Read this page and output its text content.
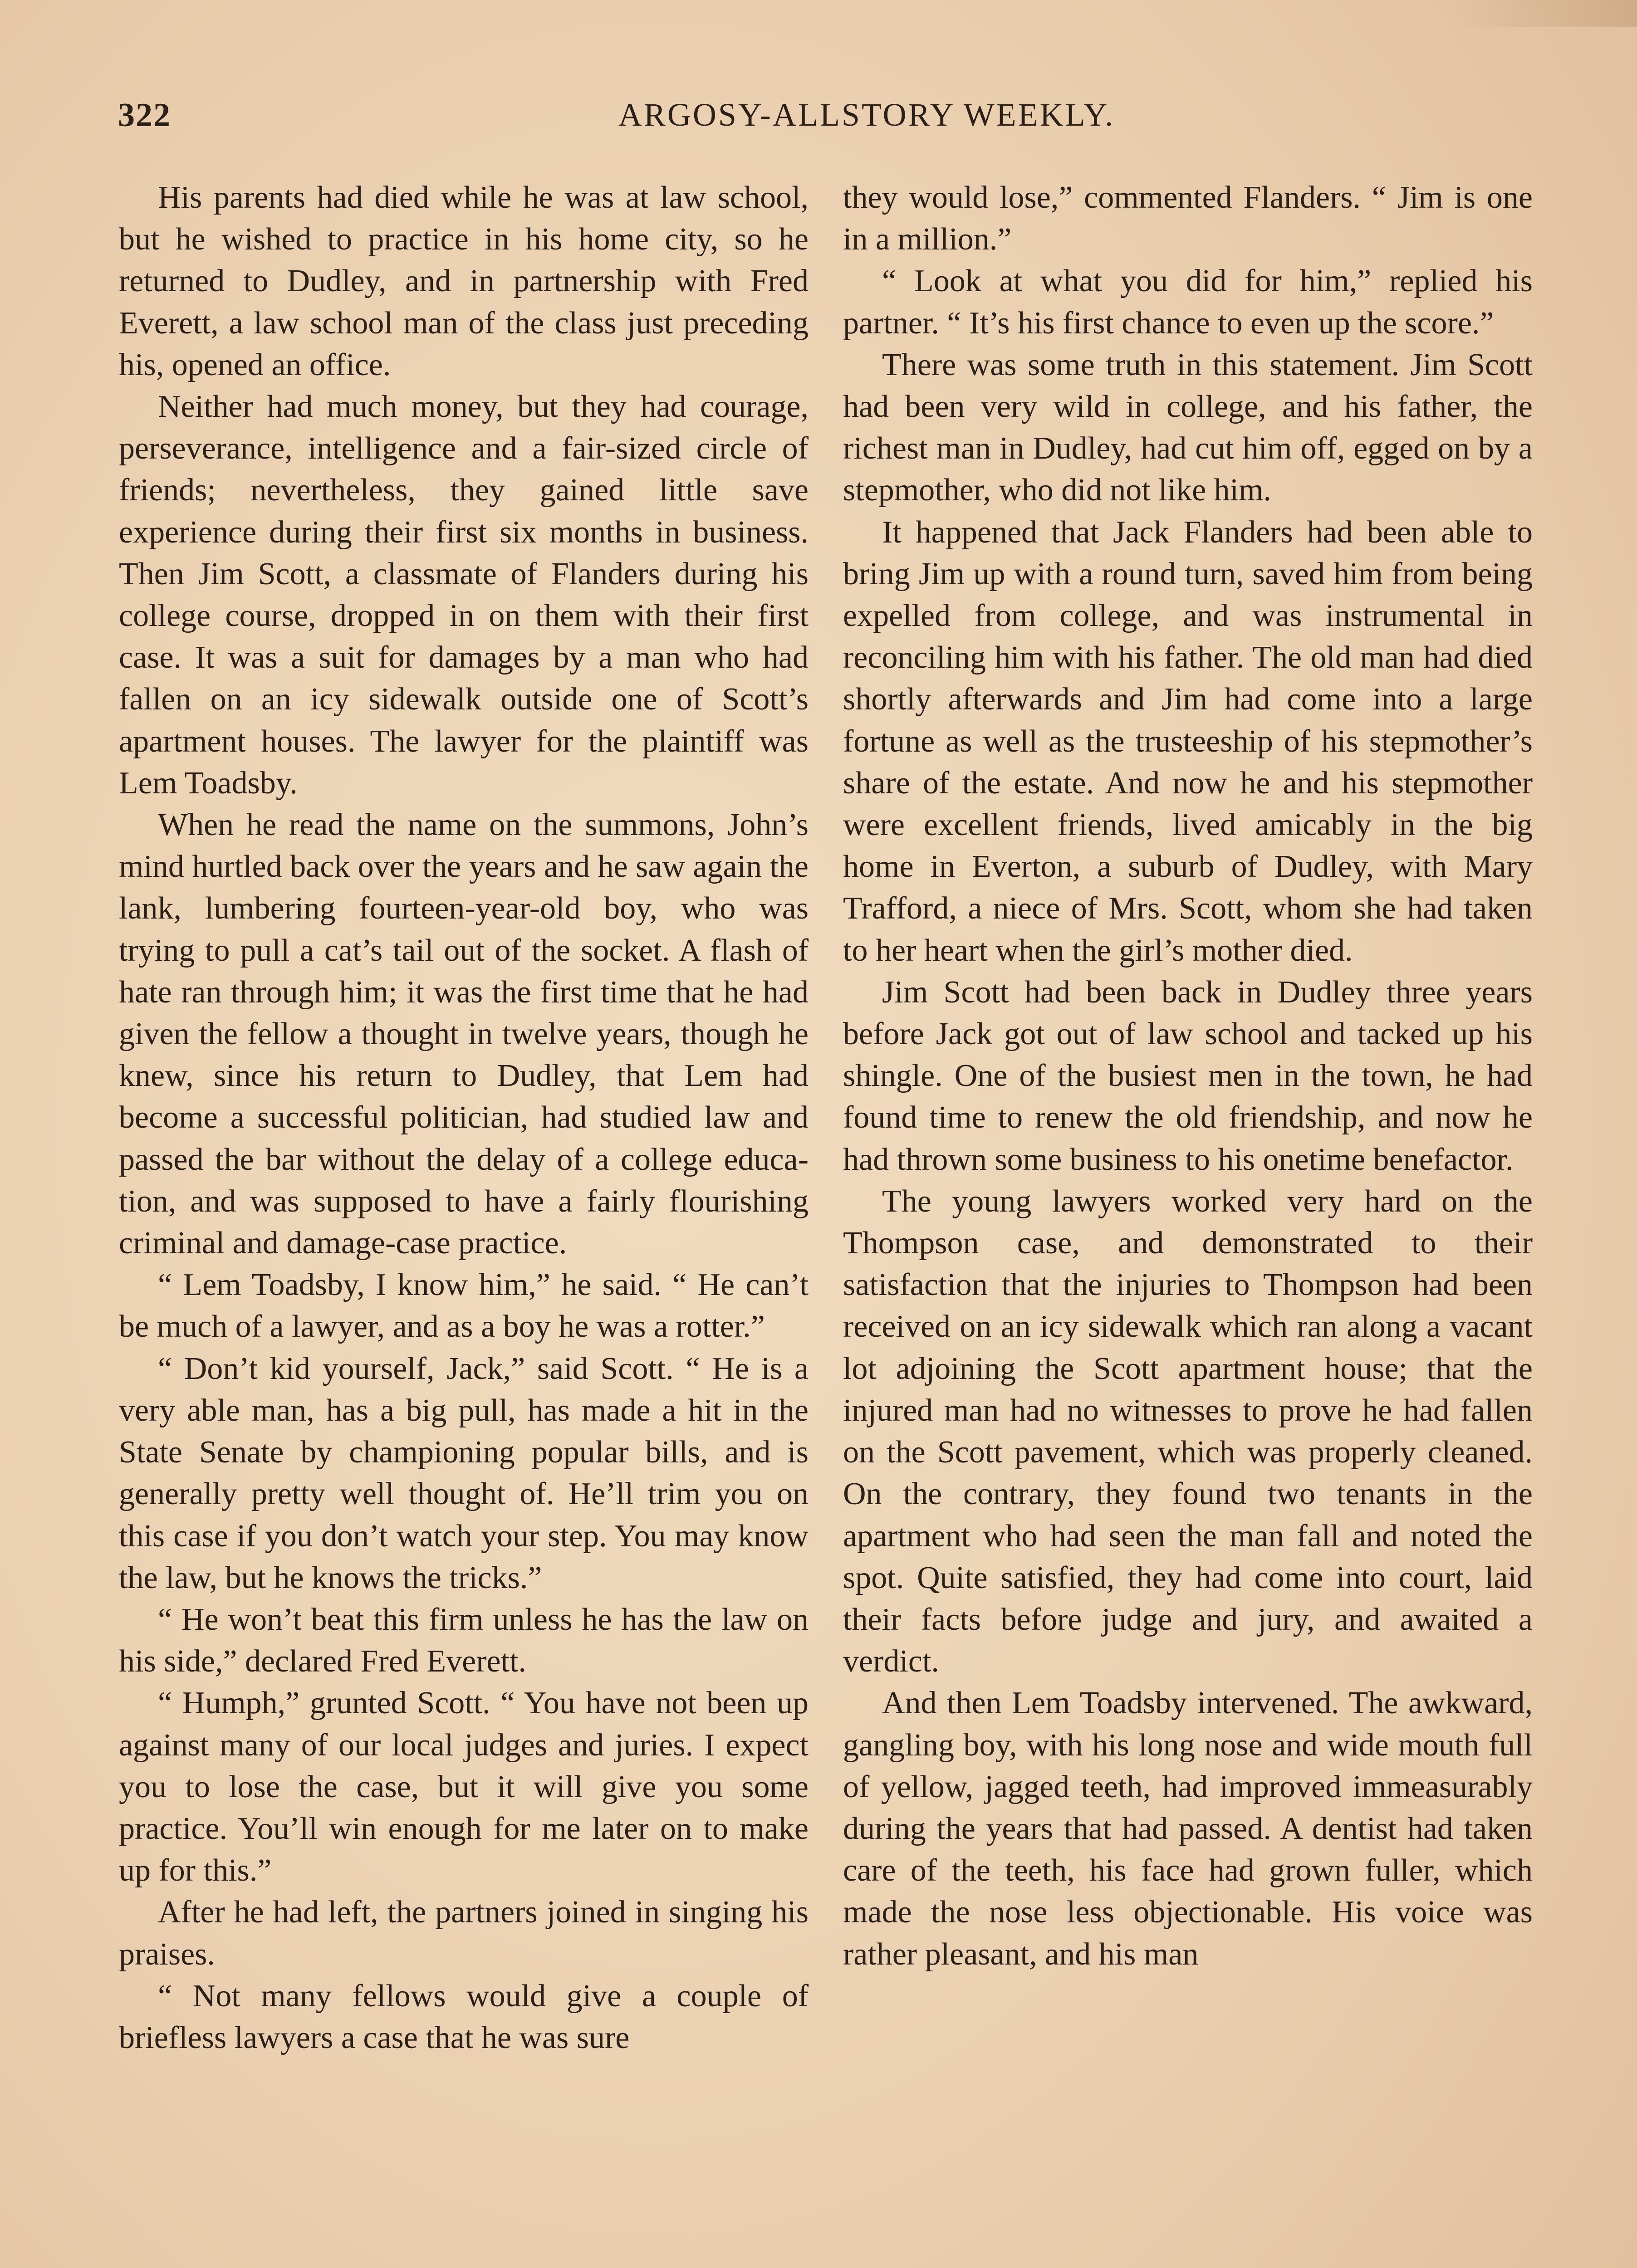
322	ARGOSY-ALLSTORY WEEKLY.

His parents had died while he was at law school, but he wished to practice in his home city, so he returned to Dudley, and in partnership with Fred Everett, a law school man of the class just preceding his, opened an office.

Neither had much money, but they had courage, perseverance, intelligence and a fair-sized circle of friends; nevertheless, they gained little save experience during their first six months in business. Then Jim Scott, a classmate of Flanders during his college course, dropped in on them with their first case. It was a suit for damages by a man who had fallen on an icy sidewalk outside one of Scott’s apartment houses. The lawyer for the plaintiff was Lem Toadsby.

When he read the name on the summons, John’s mind hurtled back over the years and he saw again the lank, lumbering fourteen-year-old boy, who was trying to pull a cat’s tail out of the socket. A flash of hate ran through him; it was the first time that he had given the fellow a thought in twelve years, though he knew, since his return to Dudley, that Lem had become a successful politician, had studied law and passed the bar without the delay of a college education, and was supposed to have a fairly flourishing criminal and damage-case practice.

“ Lem Toadsby, I know him,” he said. “ He can’t be much of a lawyer, and as a boy he was a rotter.”

“ Don’t kid yourself, Jack,” said Scott. “ He is a very able man, has a big pull, has made a hit in the State Senate by championing popular bills, and is generally pretty well thought of. He’ll trim you on this case if you don’t watch your step. You may know the law, but he knows the tricks.”

“ He won’t beat this firm unless he has the law on his side,” declared Fred Everett.

“ Humph,” grunted Scott. “ You have not been up against many of our local judges and juries. I expect you to lose the case, but it will give you some practice. You’ll win enough for me later on to make up for this.”

After he had left, the partners joined in singing his praises.

“ Not many fellows would give a couple of briefless lawyers a case that he was sure

they would lose,” commented Flanders. “ Jim is one in a million.”

“ Look at what you did for him,” replied his partner. “ It’s his first chance to even up the score.”

There was some truth in this statement. Jim Scott had been very wild in college, and his father, the richest man in Dudley, had cut him off, egged on by a stepmother, who did not like him.

It happened that Jack Flanders had been able to bring Jim up with a round turn, saved him from being expelled from college, and was instrumental in reconciling him with his father. The old man had died shortly afterwards and Jim had come into a large fortune as well as the trusteeship of his stepmother’s share of the estate. And now he and his stepmother were excellent friends, lived amicably in the big home in Everton, a suburb of Dudley, with Mary Trafford, a niece of Mrs. Scott, whom she had taken to her heart when the girl’s mother died.

Jim Scott had been back in Dudley three years before Jack got out of law school and tacked up his shingle. One of the busiest men in the town, he had found time to renew the old friendship, and now he had thrown some business to his onetime benefactor.

The young lawyers worked very hard on the Thompson case, and demonstrated to their satisfaction that the injuries to Thompson had been received on an icy sidewalk which ran along a vacant lot adjoining the Scott apartment house; that the injured man had no witnesses to prove he had fallen on the Scott pavement, which was properly cleaned. On the contrary, they found two tenants in the apartment who had seen the man fall and noted the spot. Quite satisfied, they had come into court, laid their facts before judge and jury, and awaited a verdict.

And then Lem Toadsby intervened. The awkward, gangling boy, with his long nose and wide mouth full of yellow, jagged teeth, had improved immeasurably during the years that had passed. A dentist had taken care of the teeth, his face had grown fuller, which made the nose less objectionable. His voice was rather pleasant, and his man
